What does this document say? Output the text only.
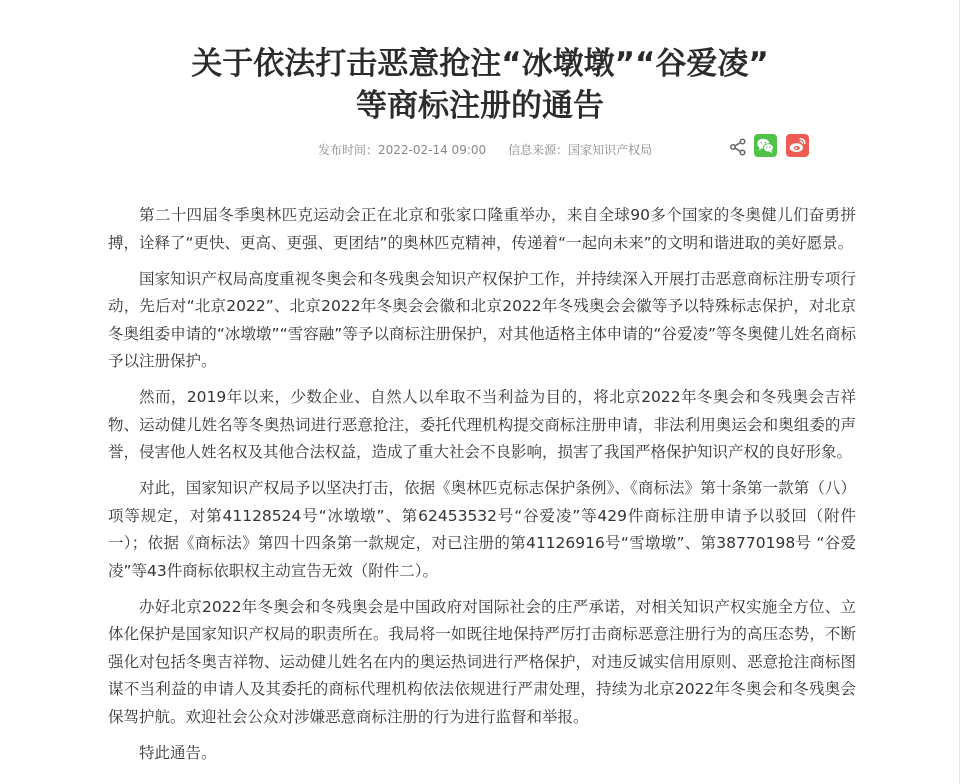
关于依法打击恶意抢注“冰墩墩”“谷爱凌”
等商标注册的通告
发布时间：2022-02-14 09:00 信息来源：国家知识产权局

第二十四届冬季奥林匹克运动会正在北京和张家口隆重举办，来自全球90多个国家的冬奥健儿们奋勇拼搏，诠释了“更快、更高、更强、更团结”的奥林匹克精神，传递着“一起向未来”的文明和谐进取的美好愿景。

国家知识产权局高度重视冬奥会和冬残奥会知识产权保护工作，并持续深入开展打击恶意商标注册专项行动，先后对“北京2022”、北京2022年冬奥会会徽和北京2022年冬残奥会会徽等予以特殊标志保护，对北京冬奥组委申请的“冰墩墩”“雪容融”等予以商标注册保护，对其他适格主体申请的“谷爱凌”等冬奥健儿姓名商标予以注册保护。

然而，2019年以来，少数企业、自然人以牟取不当利益为目的，将北京2022年冬奥会和冬残奥会吉祥物、运动健儿姓名等冬奥热词进行恶意抢注，委托代理机构提交商标注册申请，非法利用奥运会和奥组委的声誉，侵害他人姓名权及其他合法权益，造成了重大社会不良影响，损害了我国严格保护知识产权的良好形象。

对此，国家知识产权局予以坚决打击，依据《奥林匹克标志保护条例》、《商标法》第十条第一款第（八）项等规定，对第41128524号“冰墩墩”、第62453532号“谷爱凌”等429件商标注册申请予以驳回（附件一）；依据《商标法》第四十四条第一款规定，对已注册的第41126916号“雪墩墩”、第38770198号 “谷爱凌”等43件商标依职权主动宣告无效（附件二）。

办好北京2022年冬奥会和冬残奥会是中国政府对国际社会的庄严承诺，对相关知识产权实施全方位、立体化保护是国家知识产权局的职责所在。我局将一如既往地保持严厉打击商标恶意注册行为的高压态势，不断强化对包括冬奥吉祥物、运动健儿姓名在内的奥运热词进行严格保护，对违反诚实信用原则、恶意抢注商标图谋不当利益的申请人及其委托的商标代理机构依法依规进行严肃处理，持续为北京2022年冬奥会和冬残奥会保驾护航。欢迎社会公众对涉嫌恶意商标注册的行为进行监督和举报。

特此通告。
